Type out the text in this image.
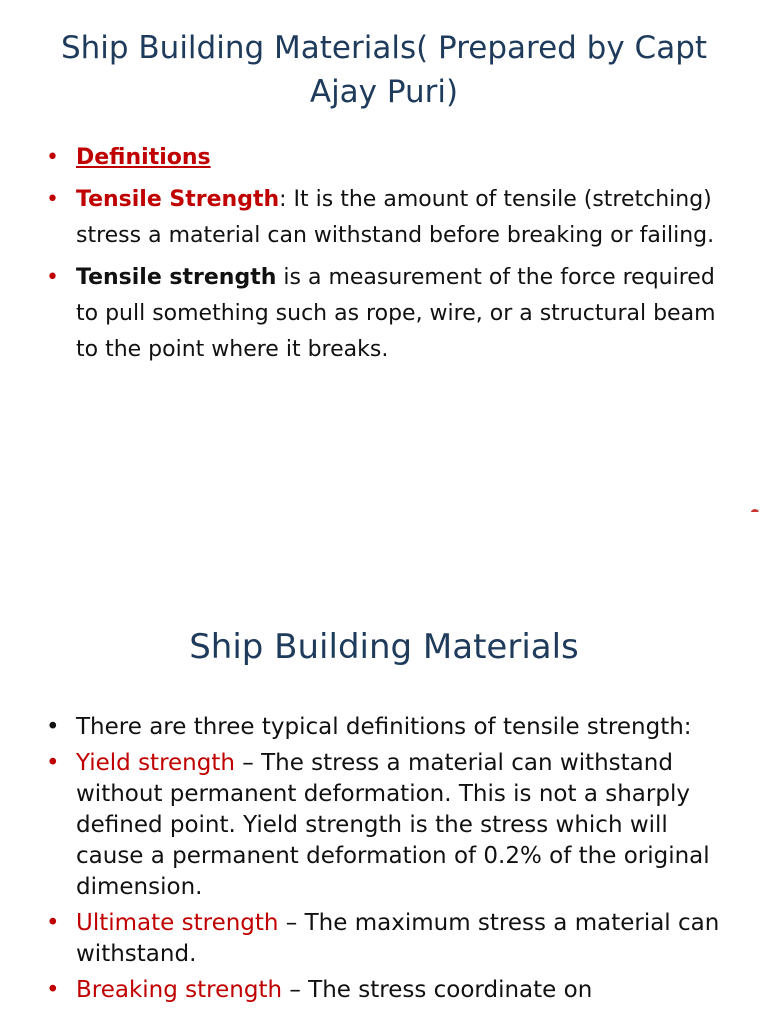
Ship Building Materials( Prepared by Capt Ajay Puri)
• Definitions
• Tensile Strength: It is the amount of tensile (stretching) stress a material can withstand before breaking or failing.
• Tensile strength is a measurement of the force required to pull something such as rope, wire, or a structural beam to the point where it breaks.
Ship Building Materials
• There are three typical definitions of tensile strength:
• Yield strength – The stress a material can withstand without permanent deformation. This is not a sharply defined point. Yield strength is the stress which will cause a permanent deformation of 0.2% of the original dimension.
• Ultimate strength – The maximum stress a material can withstand.
• Breaking strength – The stress coordinate on
